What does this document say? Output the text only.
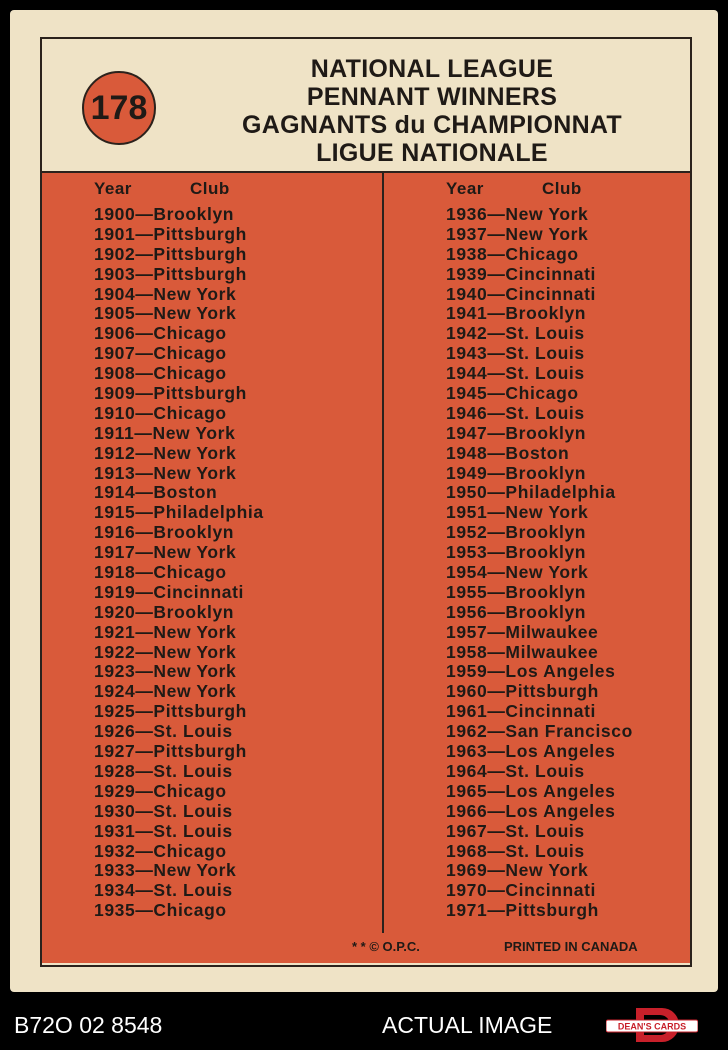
178
NATIONAL LEAGUE
PENNANT WINNERS
GAGNANTS du CHAMPIONNAT
LIGUE NATIONALE
Year	Club
1900—Brooklyn
1901—Pittsburgh
1902—Pittsburgh
1903—Pittsburgh
1904—New York
1905—New York
1906—Chicago
1907—Chicago
1908—Chicago
1909—Pittsburgh
1910—Chicago
1911—New York
1912—New York
1913—New York
1914—Boston
1915—Philadelphia
1916—Brooklyn
1917—New York
1918—Chicago
1919—Cincinnati
1920—Brooklyn
1921—New York
1922—New York
1923—New York
1924—New York
1925—Pittsburgh
1926—St. Louis
1927—Pittsburgh
1928—St. Louis
1929—Chicago
1930—St. Louis
1931—St. Louis
1932—Chicago
1933—New York
1934—St. Louis
1935—Chicago
Year	Club
1936—New York
1937—New York
1938—Chicago
1939—Cincinnati
1940—Cincinnati
1941—Brooklyn
1942—St. Louis
1943—St. Louis
1944—St. Louis
1945—Chicago
1946—St. Louis
1947—Brooklyn
1948—Boston
1949—Brooklyn
1950—Philadelphia
1951—New York
1952—Brooklyn
1953—Brooklyn
1954—New York
1955—Brooklyn
1956—Brooklyn
1957—Milwaukee
1958—Milwaukee
1959—Los Angeles
1960—Pittsburgh
1961—Cincinnati
1962—San Francisco
1963—Los Angeles
1964—St. Louis
1965—Los Angeles
1966—Los Angeles
1967—St. Louis
1968—St. Louis
1969—New York
1970—Cincinnati
1971—Pittsburgh
* * © O.P.C.	PRINTED IN CANADA
B72O 02 8548	ACTUAL IMAGE	DEAN'S CARDS
